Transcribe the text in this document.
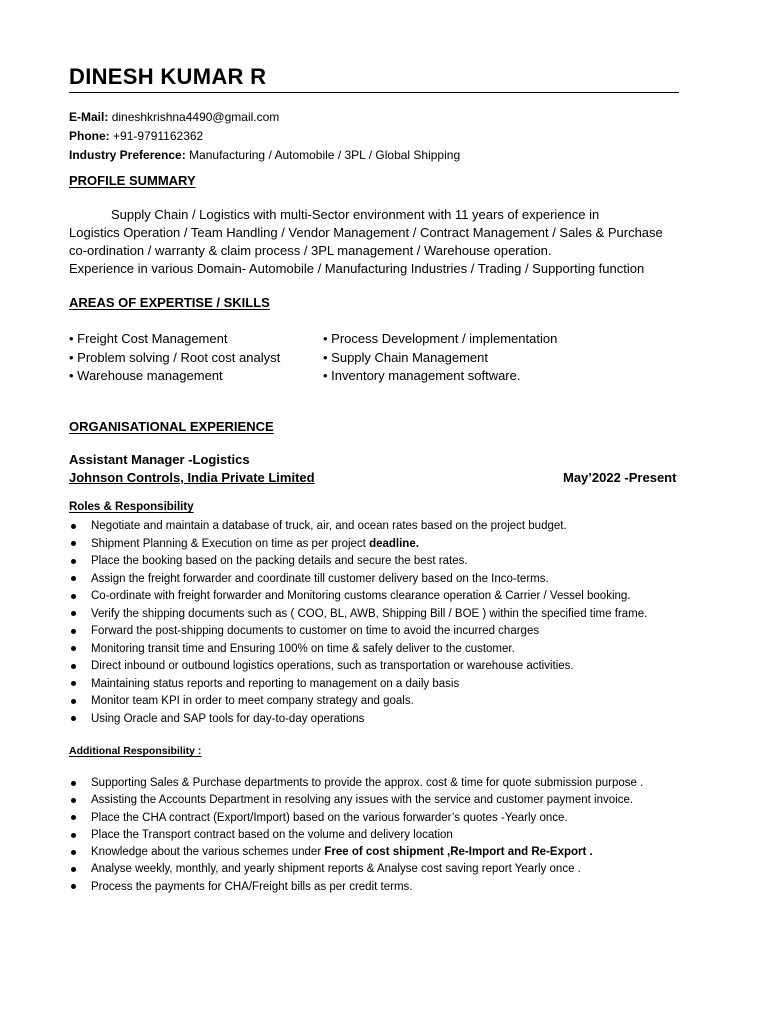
DINESH KUMAR R
E-Mail: dineshkrishna4490@gmail.com
Phone: +91-9791162362
Industry Preference: Manufacturing / Automobile / 3PL / Global Shipping
PROFILE SUMMARY
Supply Chain / Logistics with multi-Sector environment with 11 years of experience in
Logistics Operation / Team Handling / Vendor Management / Contract Management / Sales & Purchase
co-ordination / warranty & claim process / 3PL management / Warehouse operation.
Experience in various Domain- Automobile / Manufacturing Industries / Trading / Supporting function
AREAS OF EXPERTISE / SKILLS
• Freight Cost Management
• Problem solving / Root cost analyst
• Warehouse management
• Process Development / implementation
• Supply Chain Management
• Inventory management software.
ORGANISATIONAL EXPERIENCE
Assistant Manager -Logistics
Johnson Controls, India Private Limited	May’2022 -Present
Roles & Responsibility
Negotiate and maintain a database of truck, air, and ocean rates based on the project budget.
Shipment Planning & Execution on time as per project deadline.
Place the booking based on the packing details and secure the best rates.
Assign the freight forwarder and coordinate till customer delivery based on the Inco-terms.
Co-ordinate with freight forwarder and Monitoring customs clearance operation & Carrier / Vessel booking.
Verify the shipping documents such as ( COO, BL, AWB, Shipping Bill / BOE ) within the specified time frame.
Forward the post-shipping documents to customer on time to avoid the incurred charges
Monitoring transit time and Ensuring 100% on time & safely deliver to the customer.
Direct inbound or outbound logistics operations, such as transportation or warehouse activities.
Maintaining status reports and reporting to management on a daily basis
Monitor team KPI in order to meet company strategy and goals.
Using Oracle and SAP tools for day-to-day operations
Additional Responsibility :
Supporting Sales & Purchase departments to provide the approx. cost & time for quote submission purpose .
Assisting the Accounts Department in resolving any issues with the service and customer payment invoice.
Place the CHA contract (Export/Import) based on the various forwarder’s quotes -Yearly once.
Place the Transport contract based on the volume and delivery location
Knowledge about the various schemes under Free of cost shipment ,Re-Import and Re-Export .
Analyse weekly, monthly, and yearly shipment reports & Analyse cost saving report Yearly once .
Process the payments for CHA/Freight bills as per credit terms.
